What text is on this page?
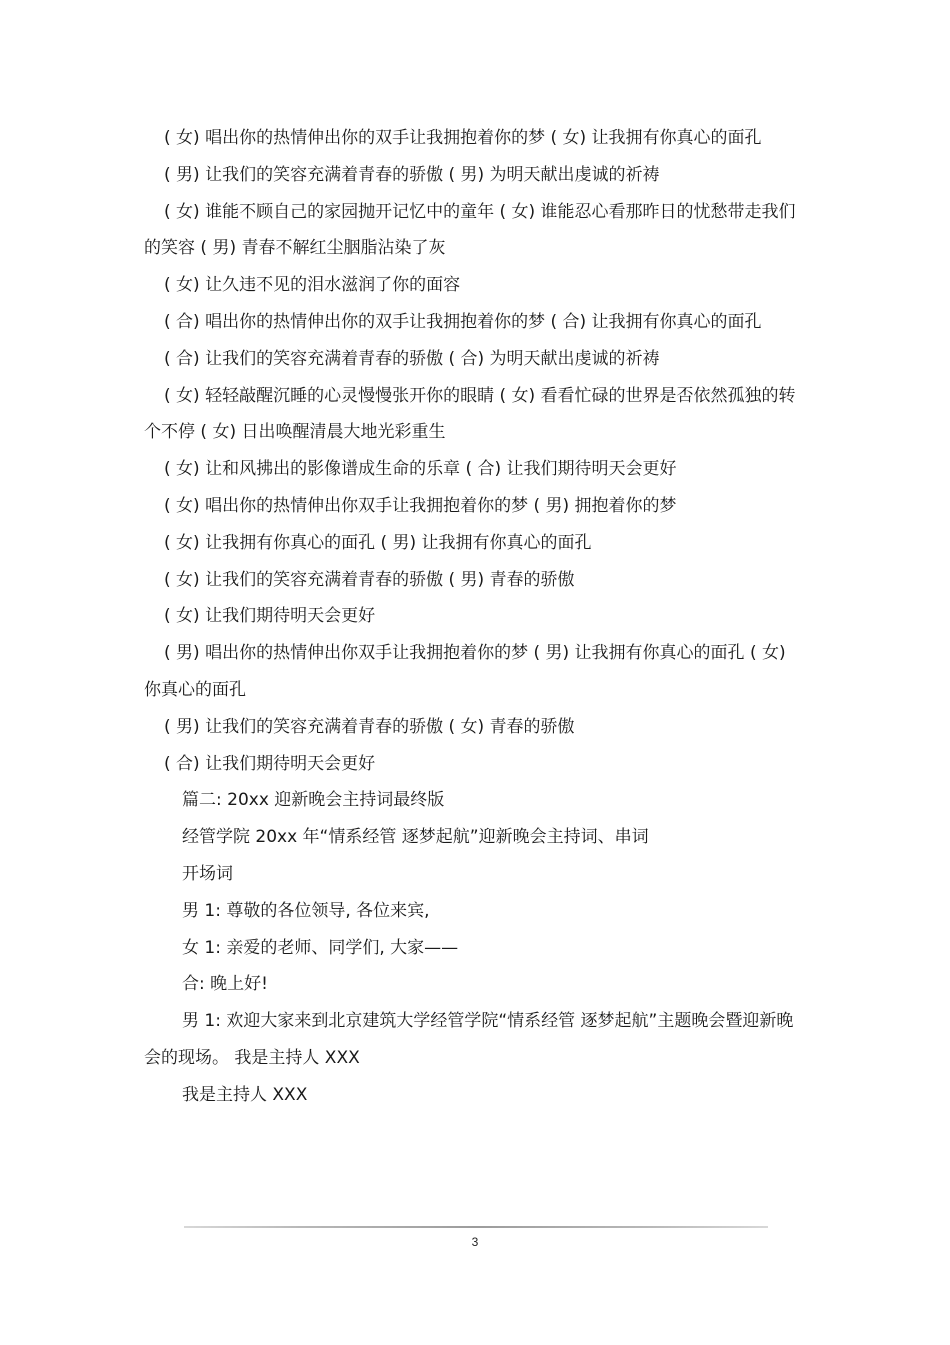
( 女) 唱出你的热情伸出你的双手让我拥抱着你的梦 ( 女) 让我拥有你真心的面孔

( 男) 让我们的笑容充满着青春的骄傲 ( 男) 为明天献出虔诚的祈祷

( 女) 谁能不顾自己的家园抛开记忆中的童年 ( 女) 谁能忍心看那昨日的忧愁带走我们的笑容 ( 男) 青春不解红尘胭脂沾染了灰

( 女) 让久违不见的泪水滋润了你的面容

( 合) 唱出你的热情伸出你的双手让我拥抱着你的梦 ( 合) 让我拥有你真心的面孔

( 合) 让我们的笑容充满着青春的骄傲 ( 合) 为明天献出虔诚的祈祷

( 女) 轻轻敲醒沉睡的心灵慢慢张开你的眼睛 ( 女) 看看忙碌的世界是否依然孤独的转个不停 ( 女) 日出唤醒清晨大地光彩重生

( 女) 让和风拂出的影像谱成生命的乐章 ( 合) 让我们期待明天会更好

( 女) 唱出你的热情伸出你双手让我拥抱着你的梦 ( 男) 拥抱着你的梦

( 女) 让我拥有你真心的面孔 ( 男) 让我拥有你真心的面孔

( 女) 让我们的笑容充满着青春的骄傲 ( 男) 青春的骄傲

( 女) 让我们期待明天会更好

( 男) 唱出你的热情伸出你双手让我拥抱着你的梦 ( 男) 让我拥有你真心的面孔 ( 女) 你真心的面孔

( 男) 让我们的笑容充满着青春的骄傲 ( 女) 青春的骄傲

( 合) 让我们期待明天会更好

篇二: 20xx 迎新晚会主持词最终版

经管学院 20xx 年“情系经管 逐梦起航”迎新晚会主持词、串词

开场词

男 1: 尊敬的各位领导, 各位来宾,

女 1: 亲爱的老师、同学们, 大家——

合: 晚上好!

男 1: 欢迎大家来到北京建筑大学经管学院“情系经管 逐梦起航”主题晚会暨迎新晚会的现场。 我是主持人 XXX

我是主持人 XXX

3
